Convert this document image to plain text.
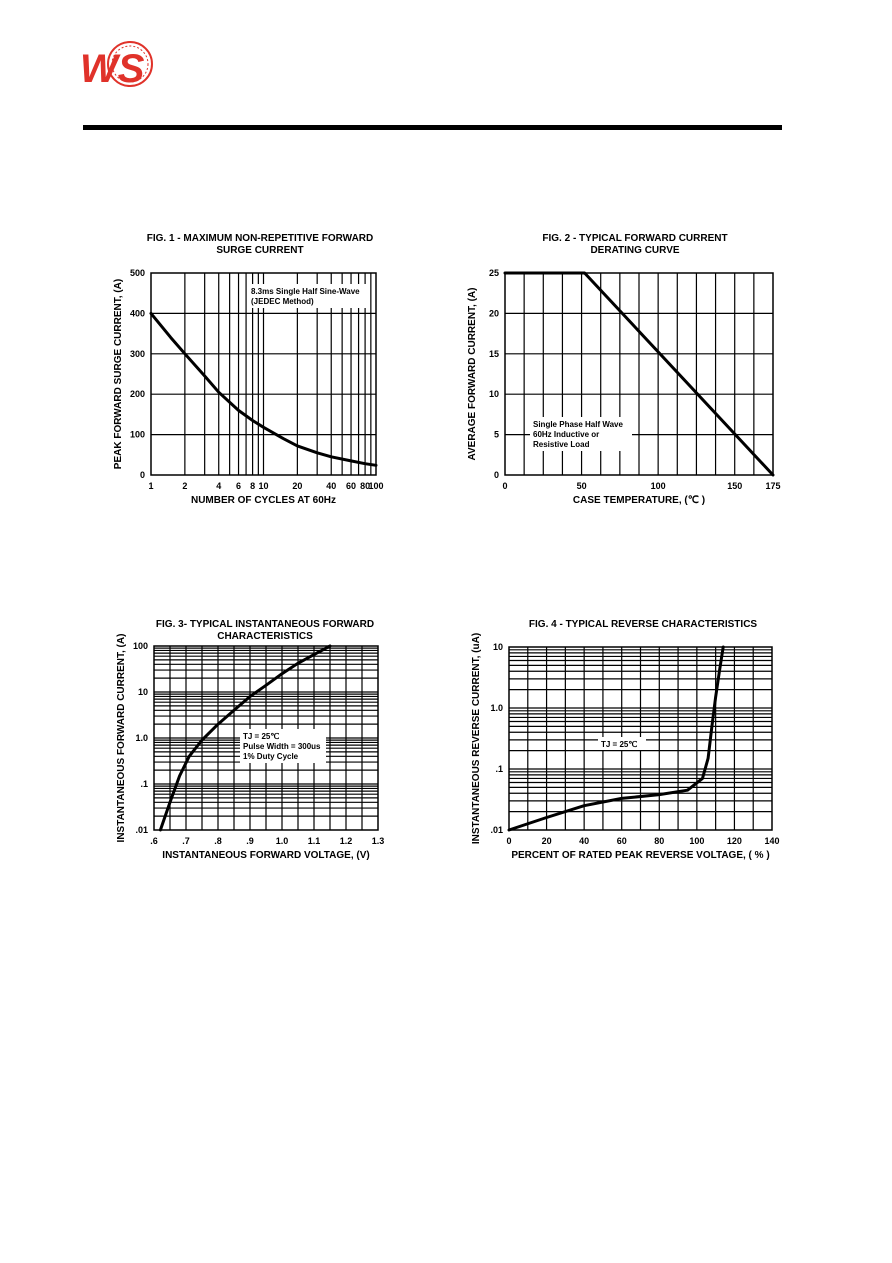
WS
FIG. 1 - MAXIMUM NON-REPETITIVE FORWARD
SURGE CURRENT
FIG. 2 - TYPICAL FORWARD CURRENT
DERATING CURVE
FIG. 3- TYPICAL INSTANTANEOUS FORWARD
CHARACTERISTICS
FIG. 4 - TYPICAL REVERSE CHARACTERISTICS
1	2	4 6 8 10	20	40 60 80
100
0
100
200
300
400
500
NUMBER OF CYCLES AT 60Hz
PEAK FORWARD SURGE CURRENT, (A)
0	50	100	150	175
0
5
10
15
20
25
CASE TEMPERATURE, (℃ )
AVERAGE FORWARD CURRENT, (A)
.6	.7	.8	.9 1.0 1.1 1.2 1.3
.01
.1
1.0
10
100
INSTANTANEOUS FORWARD VOLTAGE, (V)
INSTANTANEOUS FORWARD CURRENT, (A)	0	20	40	60	80	100	120	140
.01
.1
1.0
10
PERCENT OF RATED PEAK REVERSE VOLTAGE, ( % )
INSTANTANEOUS REVERSE CURRENT, (uA)
8.3ms Single Half Sine-Wave
(JEDEC Method)
Single Phase Half Wave
60Hz Inductive or
Resistive Load
TJ = 25℃
Pulse Width = 300us
1% Duty Cycle
TJ = 25℃
